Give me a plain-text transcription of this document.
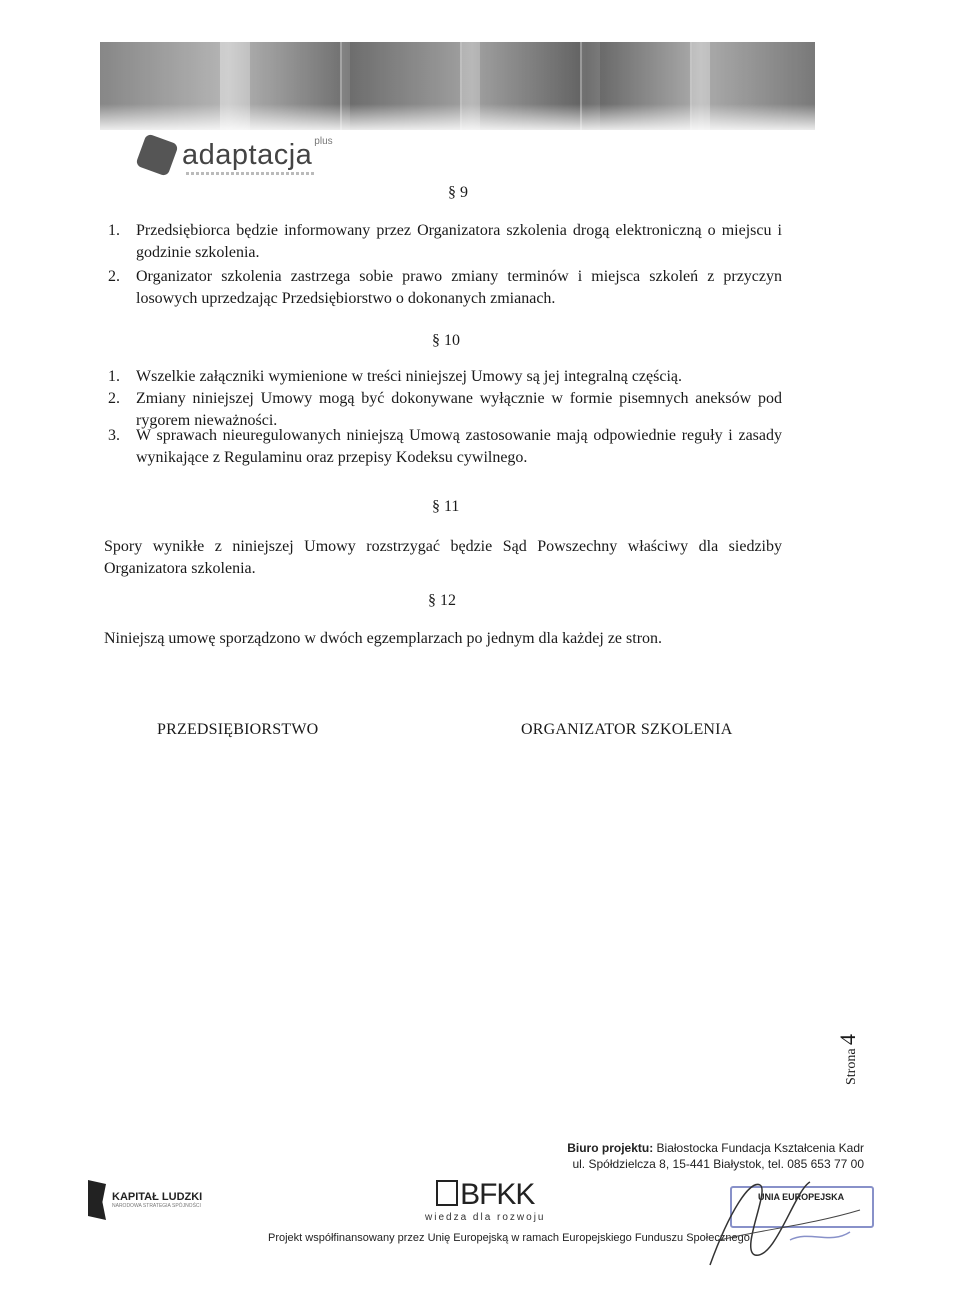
adaptacja plus
§ 9
1. Przedsiębiorca będzie informowany przez Organizatora szkolenia drogą elektroniczną o miejscu i godzinie szkolenia.
2. Organizator szkolenia zastrzega sobie prawo zmiany terminów i miejsca szkoleń z przyczyn losowych uprzedzając Przedsiębiorstwo o dokonanych zmianach.
§ 10
1. Wszelkie załączniki wymienione w treści niniejszej Umowy są jej integralną częścią.
2. Zmiany niniejszej Umowy mogą być dokonywane wyłącznie w formie pisemnych aneksów pod rygorem nieważności.
3. W sprawach nieuregulowanych niniejszą Umową zastosowanie mają odpowiednie reguły i zasady wynikające z Regulaminu oraz przepisy Kodeksu cywilnego.
§ 11
Spory wynikłe z niniejszej Umowy rozstrzygać będzie Sąd Powszechny właściwy dla siedziby Organizatora szkolenia.
§ 12
Niniejszą umowę sporządzono w dwóch egzemplarzach po jednym dla każdej ze stron.
PRZEDSIĘBIORSTWO	ORGANIZATOR SZKOLENIA
Strona 4
Biuro projektu: Białostocka Fundacja Kształcenia Kadr
ul. Spółdzielcza 8, 15-441 Białystok, tel. 085 653 77 00
KAPITAŁ LUDZKI
NARODOWA STRATEGIA SPÓJNOŚCI	BFKK
wiedza dla rozwoju
Projekt współfinansowany przez Unię Europejską w ramach Europejskiego Funduszu Społecznego
UNIA EUROPEJSKA
